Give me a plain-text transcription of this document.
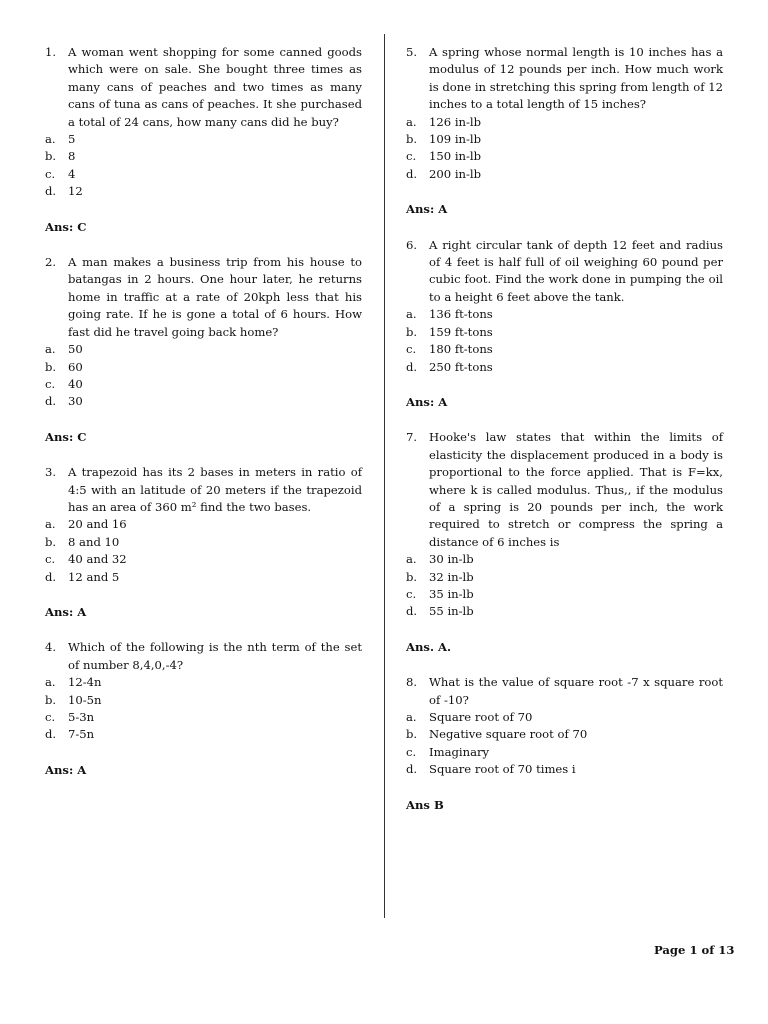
1.	A woman went shopping for some canned goods which were on sale. She bought three times as many cans of peaches and two times as many cans of tuna as cans of peaches. It she purchased a total of 24 cans, how many cans did he buy?
a.	5
b.	8
c.	4
d.	12
Ans: C
2.	A man makes a business trip from his house to batangas in 2 hours. One hour later, he returns home in traffic at a rate of 20kph less that his going rate. If he is gone a total of 6 hours. How fast did he travel going back home?
a.	50
b.	60
c.	40
d.	30
Ans: C
3.	A trapezoid has its 2 bases in meters in ratio of 4:5 with an latitude of 20 meters if the trapezoid has an area of 360 m² find the two bases.
a.	20 and 16
b.	8 and 10
c.	40 and 32
d.	12 and 5
Ans: A
4.	Which of the following is the nth term of the set of number 8,4,0,-4?
a.	12-4n
b.	10-5n
c.	5-3n
d.	7-5n
Ans: A
5.	A spring whose normal length is 10 inches has a modulus of 12 pounds per inch. How much work is done in stretching this spring from length of 12 inches to a total length of 15 inches?
a.	126 in-lb
b.	109 in-lb
c.	150 in-lb
d.	200 in-lb
Ans: A
6.	A right circular tank of depth 12 feet and radius of 4 feet is half full of oil weighing 60 pound per cubic foot. Find the work done in pumping the oil to a height 6 feet above the tank.
a.	136 ft-tons
b.	159 ft-tons
c.	180 ft-tons
d.	250 ft-tons
Ans: A
7.	Hooke's law states that within the limits of elasticity the displacement produced in a body is proportional to the force applied. That is F=kx, where k is called modulus. Thus,, if the modulus of a spring is 20 pounds per inch, the work required to stretch or compress the spring a distance of 6 inches is
a.	30 in-lb
b.	32 in-lb
c.	35 in-lb
d.	55 in-lb
Ans. A.
8.	What is the value of square root -7 x square root of -10?
a.	Square root of 70
b.	Negative square root of 70
c.	Imaginary
d.	Square root of 70 times i
Ans B
Page 1 of 13
